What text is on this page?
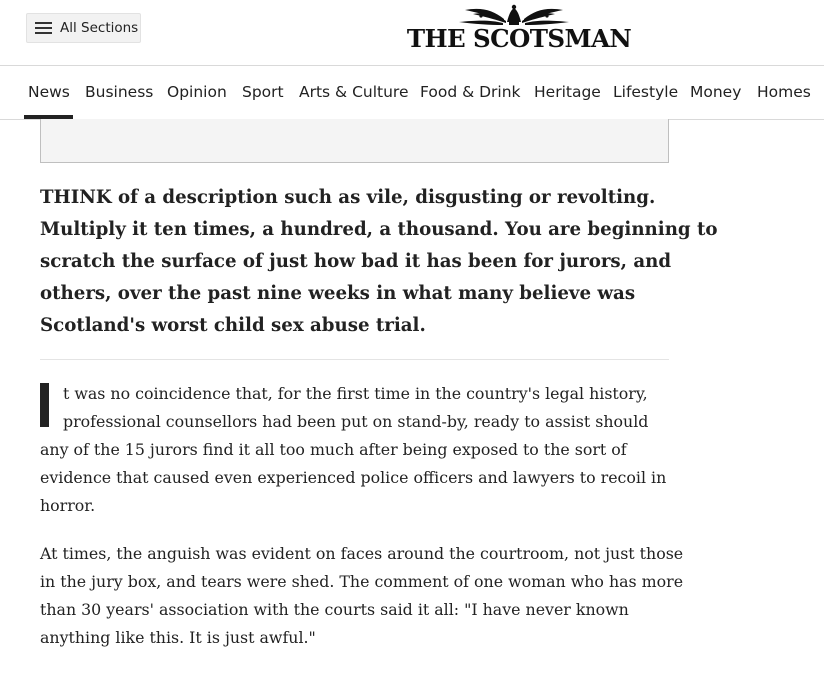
All Sections	THE SCOTSMAN
News Business Opinion Sport Arts & Culture Food & Drink Heritage Lifestyle Money Homes
THINK of a description such as vile, disgusting or revolting.
Multiply it ten times, a hundred, a thousand. You are beginning to
scratch the surface of just how bad it has been for jurors, and
others, over the past nine weeks in what many believe was
Scotland's worst child sex abuse trial.
t was no coincidence that, for the first time in the country's legal history,
professional counsellors had been put on stand-by, ready to assist should
any of the 15 jurors find it all too much after being exposed to the sort of
evidence that caused even experienced police officers and lawyers to recoil in
horror.
At times, the anguish was evident on faces around the courtroom, not just those
in the jury box, and tears were shed. The comment of one woman who has more
than 30 years' association with the courts said it all: "I have never known
anything like this. It is just awful."
